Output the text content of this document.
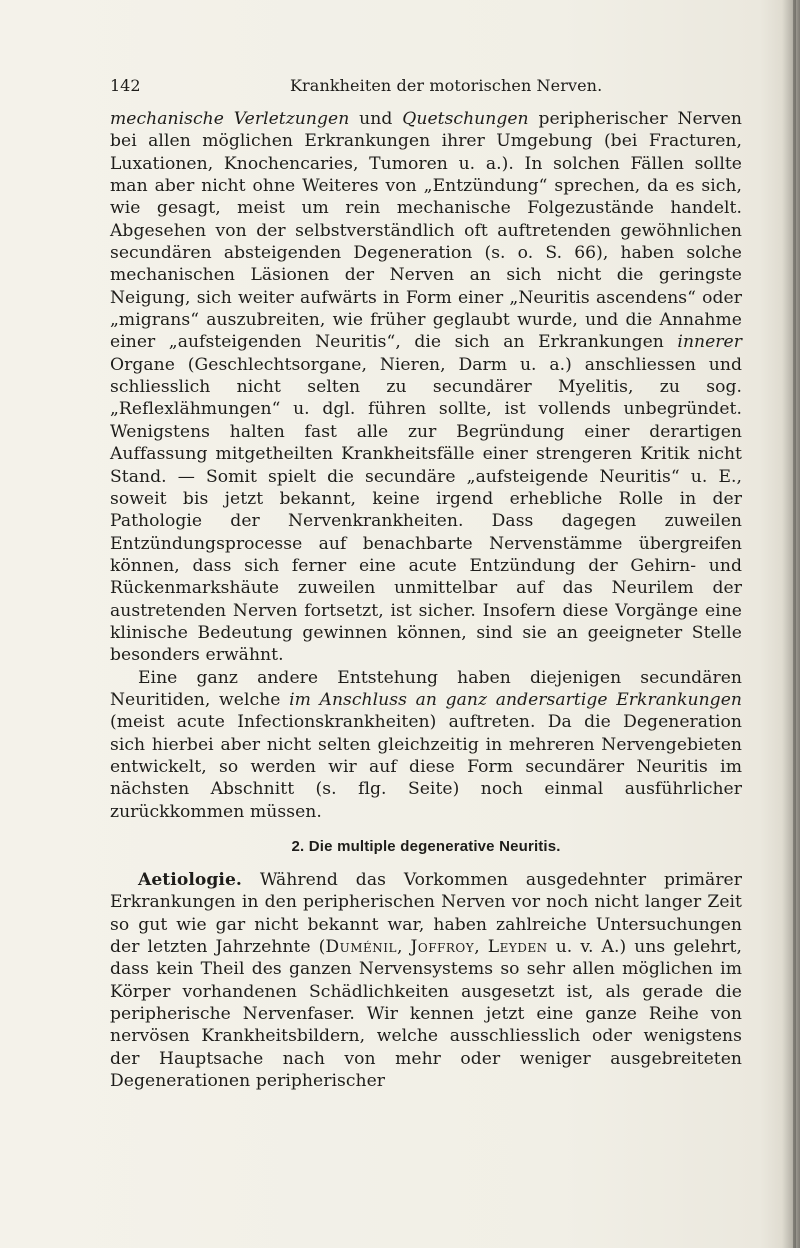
142	Krankheiten der motorischen Nerven.

mechanische Verletzungen und Quetschungen peripherischer Nerven bei allen möglichen Erkrankungen ihrer Umgebung (bei Fracturen, Luxationen, Knochencaries, Tumoren u. a.). In solchen Fällen sollte man aber nicht ohne Weiteres von „Entzündung“ sprechen, da es sich, wie gesagt, meist um rein mechanische Folgezustände handelt. Abgesehen von der selbstverständlich oft auftretenden gewöhnlichen secundären absteigenden Degeneration (s. o. S. 66), haben solche mechanischen Läsionen der Nerven an sich nicht die geringste Neigung, sich weiter aufwärts in Form einer „Neuritis ascendens“ oder „migrans“ auszubreiten, wie früher geglaubt wurde, und die Annahme einer „aufsteigenden Neuritis“, die sich an Erkrankungen innerer Organe (Geschlechtsorgane, Nieren, Darm u. a.) anschliessen und schliesslich nicht selten zu secundärer Myelitis, zu sog. „Reflexlähmungen“ u. dgl. führen sollte, ist vollends unbegründet. Wenigstens halten fast alle zur Begründung einer derartigen Auffassung mitgetheilten Krankheitsfälle einer strengeren Kritik nicht Stand. — Somit spielt die secundäre „aufsteigende Neuritis“ u. E., soweit bis jetzt bekannt, keine irgend erhebliche Rolle in der Pathologie der Nervenkrankheiten. Dass dagegen zuweilen Entzündungsprocesse auf benachbarte Nervenstämme übergreifen können, dass sich ferner eine acute Entzündung der Gehirn- und Rückenmarkshäute zuweilen unmittelbar auf das Neurilem der austretenden Nerven fortsetzt, ist sicher. Insofern diese Vorgänge eine klinische Bedeutung gewinnen können, sind sie an geeigneter Stelle besonders erwähnt.

Eine ganz andere Entstehung haben diejenigen secundären Neuritiden, welche im Anschluss an ganz andersartige Erkrankungen (meist acute Infectionskrankheiten) auftreten. Da die Degeneration sich hierbei aber nicht selten gleichzeitig in mehreren Nervengebieten entwickelt, so werden wir auf diese Form secundärer Neuritis im nächsten Abschnitt (s. flg. Seite) noch einmal ausführlicher zurückkommen müssen.

2. Die multiple degenerative Neuritis.

Aetiologie. Während das Vorkommen ausgedehnter primärer Erkrankungen in den peripherischen Nerven vor noch nicht langer Zeit so gut wie gar nicht bekannt war, haben zahlreiche Untersuchungen der letzten Jahrzehnte (Duménil, Joffroy, Leyden u. v. A.) uns gelehrt, dass kein Theil des ganzen Nervensystems so sehr allen möglichen im Körper vorhandenen Schädlichkeiten ausgesetzt ist, als gerade die peripherische Nervenfaser. Wir kennen jetzt eine ganze Reihe von nervösen Krankheitsbildern, welche ausschliesslich oder wenigstens der Hauptsache nach von mehr oder weniger ausgebreiteten Degenerationen peripherischer
